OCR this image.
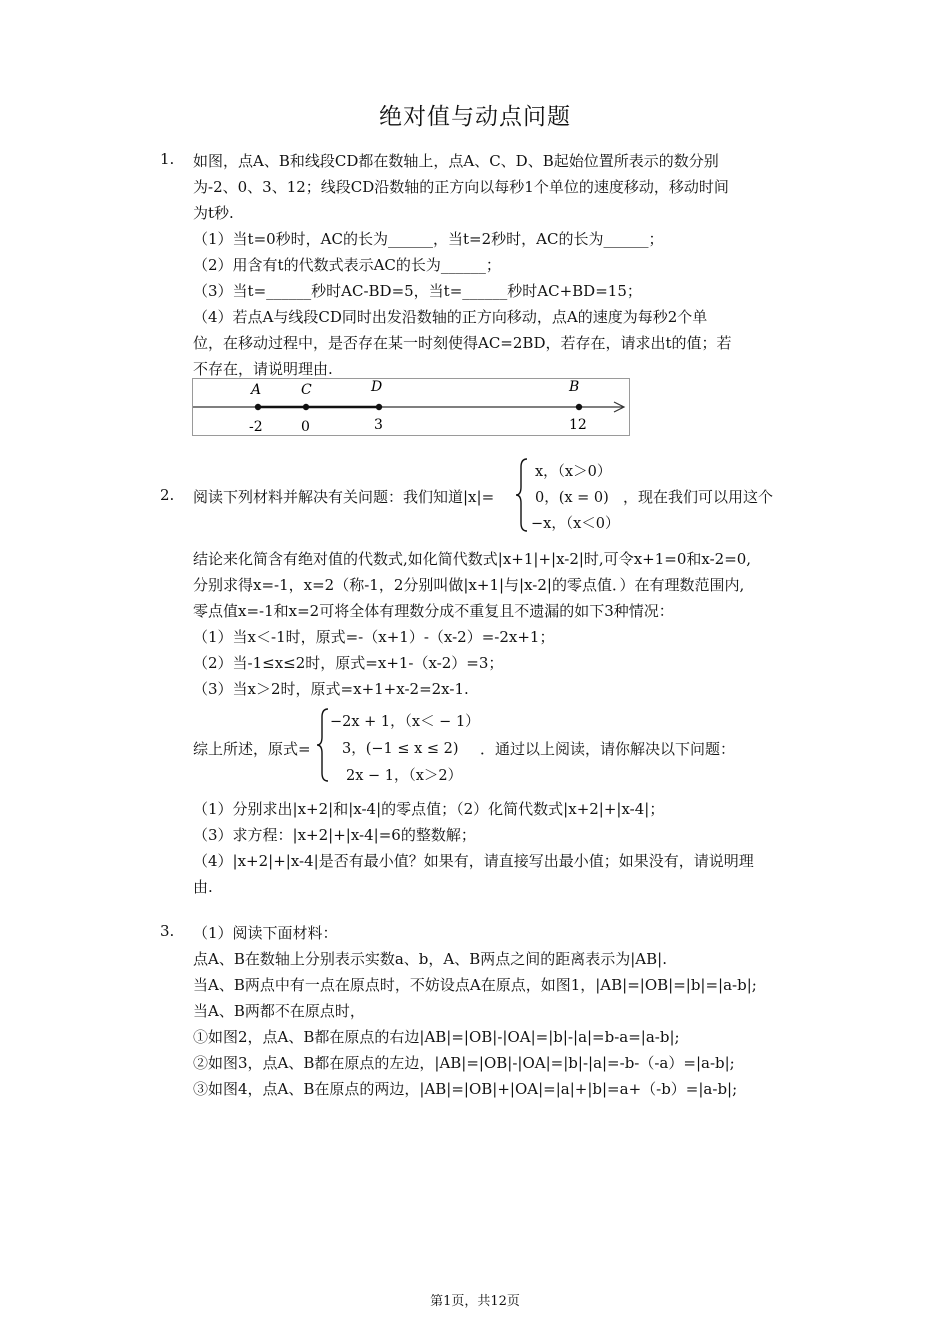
绝对值与动点问题
1. 如图，点A、B和线段CD都在数轴上，点A、C、D、B起始位置所表示的数分别
为-2、0、3、12；线段CD沿数轴的正方向以每秒1个单位的速度移动，移动时间
为t秒.
（1）当t=0秒时，AC的长为______，当t=2秒时，AC的长为______；
（2）用含有t的代数式表示AC的长为______；
（3）当t=______秒时AC-BD=5，当t=______秒时AC+BD=15；
（4）若点A与线段CD同时出发沿数轴的正方向移动，点A的速度为每秒2个单
位，在移动过程中，是否存在某一时刻使得AC=2BD，若存在，请求出t的值；若
不存在，请说明理由.
A	C	D	B
-2	0	3	12
2. 阅读下列材料并解决有关问题：我们知道|x|=
x，（x＞0）
0，(x = 0)
−x，（x＜0）
，现在我们可以用这个
结论来化简含有绝对值的代数式,如化简代数式|x+1|+|x-2|时,可令x+1=0和x-2=0,
分别求得x=-1，x=2（称-1，2分别叫做|x+1|与|x-2|的零点值．）在有理数范围内,
零点值x=-1和x=2可将全体有理数分成不重复且不遗漏的如下3种情况：
（1）当x＜-1时，原式=-（x+1）-（x-2）=-2x+1；
（2）当-1≤x≤2时，原式=x+1-（x-2）=3；
（3）当x＞2时，原式=x+1+x-2=2x-1.
综上所述，原式=
−2x + 1，（x＜ − 1）
3，(−1 ≤ x ≤ 2)
2x − 1，（x＞2）
．通过以上阅读，请你解决以下问题：
（1）分别求出|x+2|和|x-4|的零点值；（2）化简代数式|x+2|+|x-4|；
（3）求方程：|x+2|+|x-4|=6的整数解；
（4）|x+2|+|x-4|是否有最小值？如果有，请直接写出最小值；如果没有，请说明理
由.
3. （1）阅读下面材料：
点A、B在数轴上分别表示实数a、b，A、B两点之间的距离表示为|AB|.
当A、B两点中有一点在原点时，不妨设点A在原点，如图1，|AB|=|OB|=|b|=|a-b|;
当A、B两都不在原点时，
①如图2，点A、B都在原点的右边|AB|=|OB|-|OA|=|b|-|a|=b-a=|a-b|;
②如图3，点A、B都在原点的左边，|AB|=|OB|-|OA|=|b|-|a|=-b-（-a）=|a-b|;
③如图4，点A、B在原点的两边，|AB|=|OB|+|OA|=|a|+|b|=a+（-b）=|a-b|;
第1页，共12页
